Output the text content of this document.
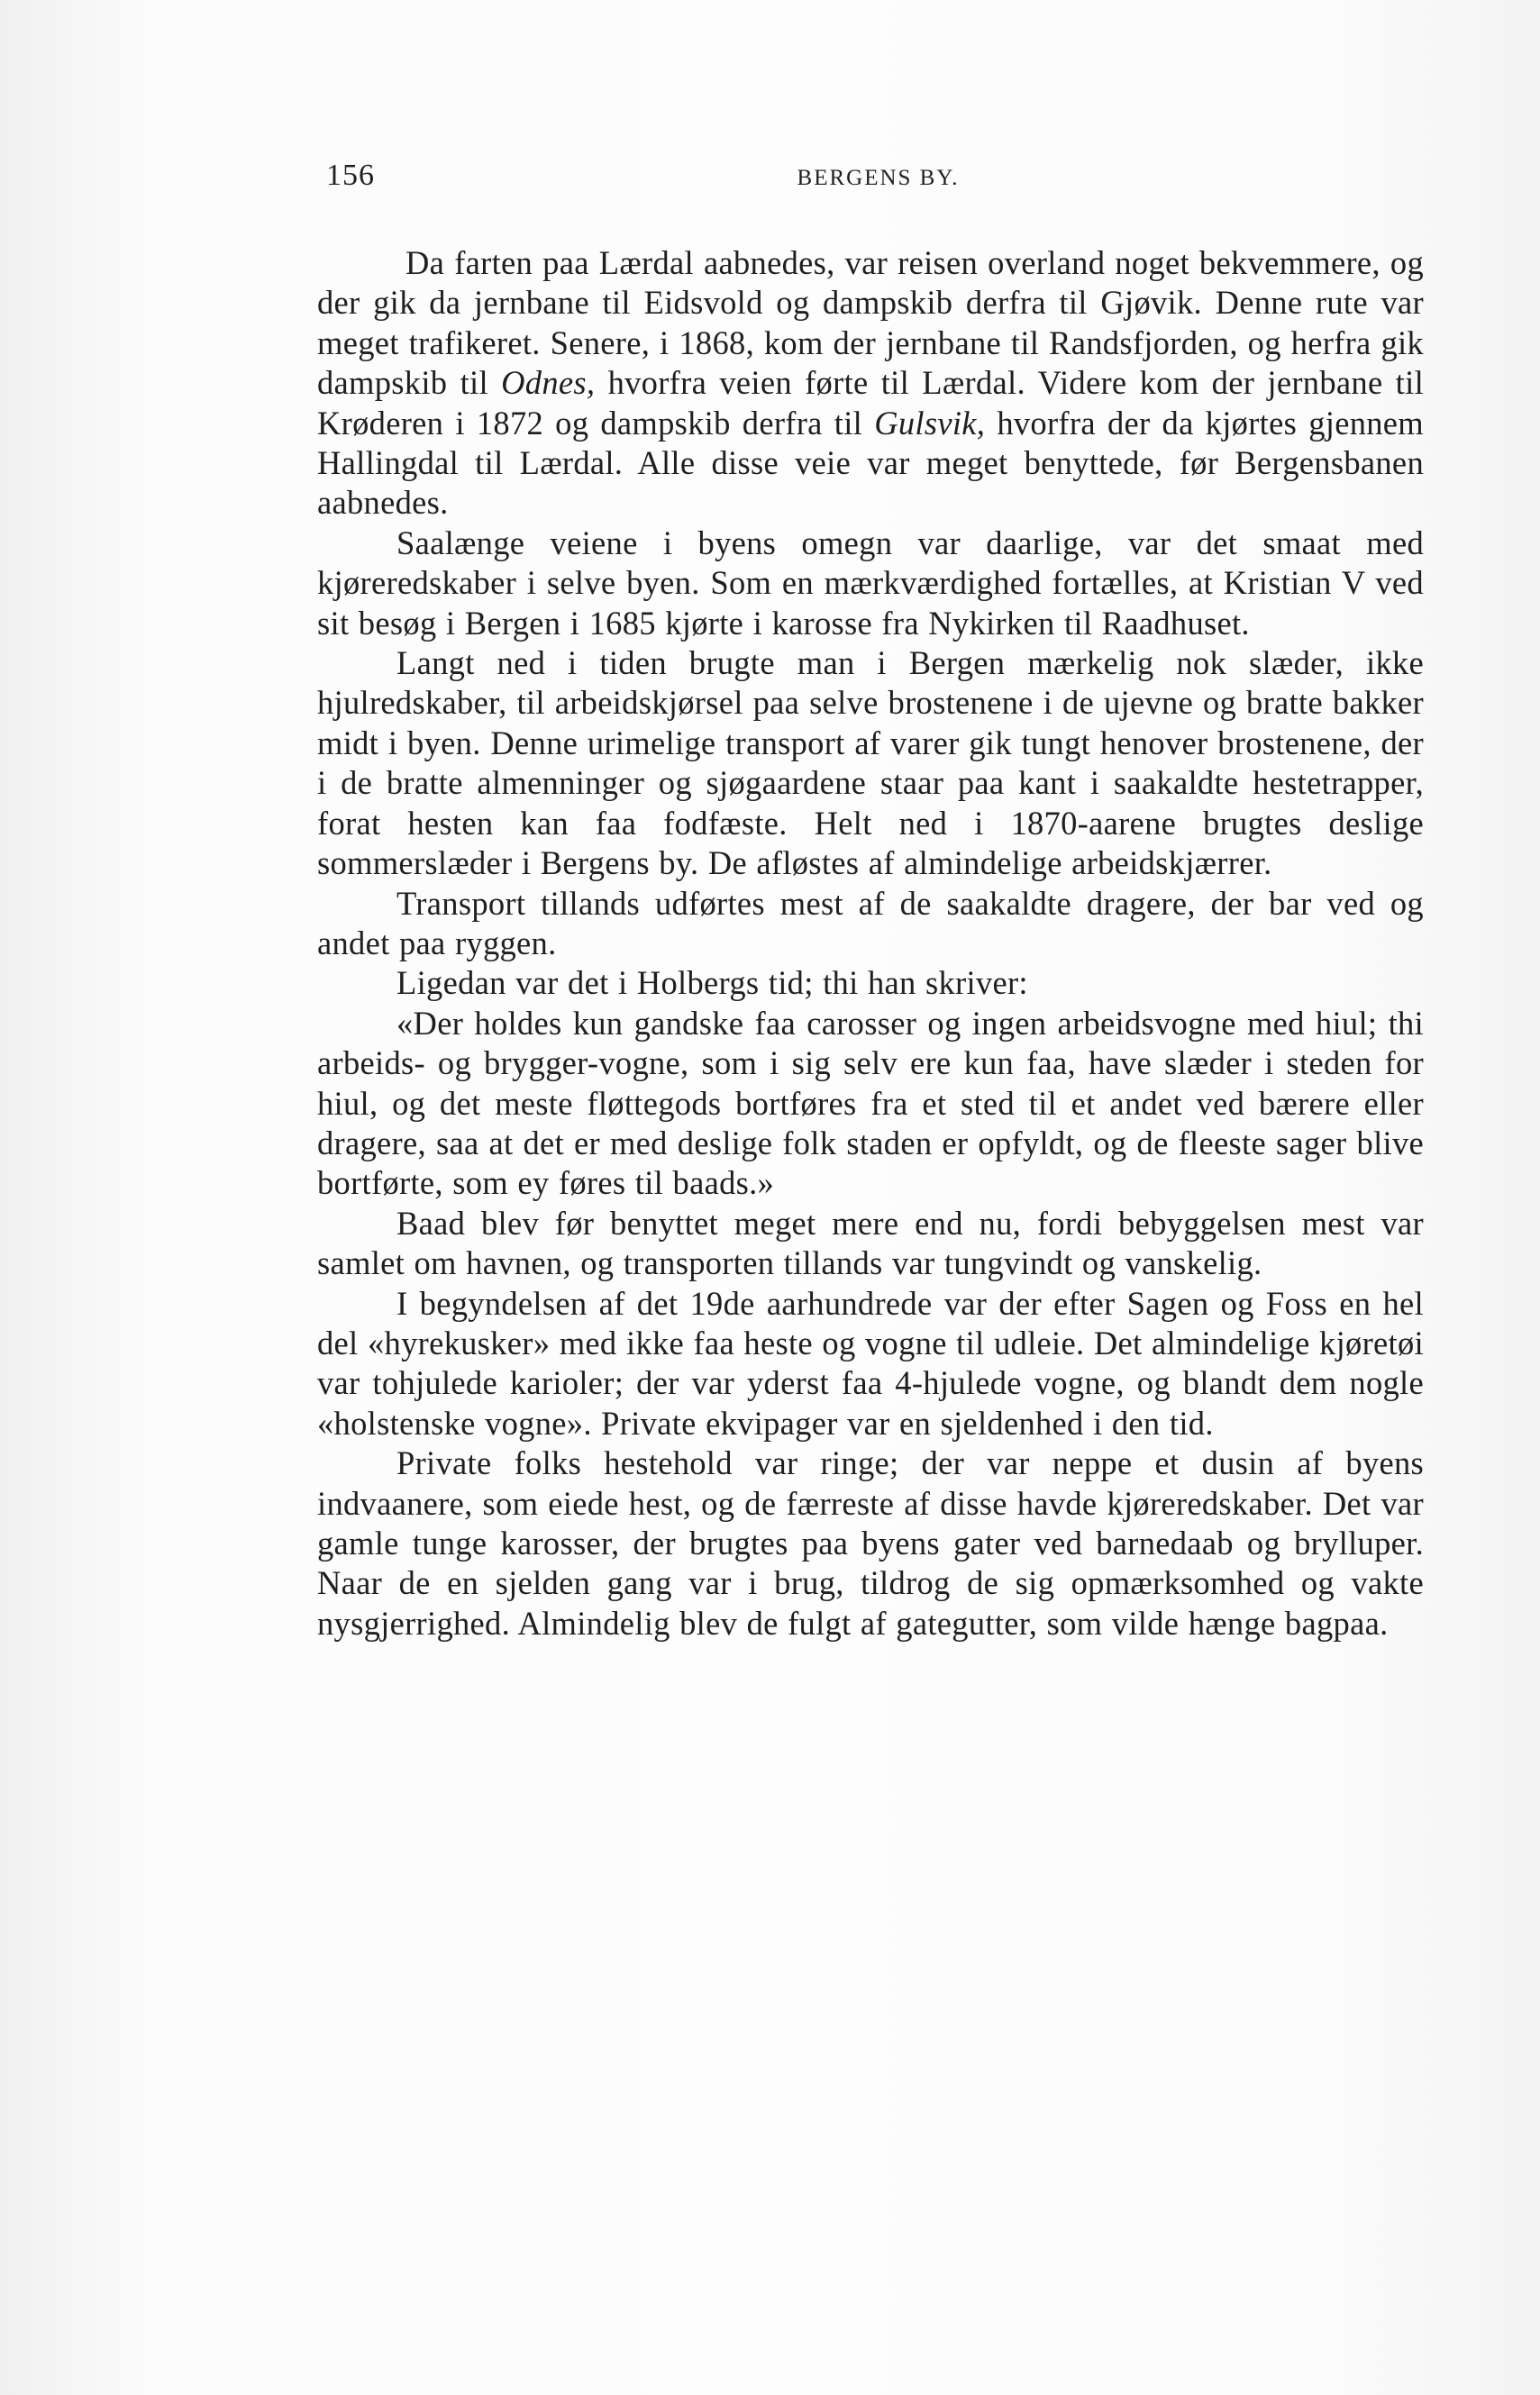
156	BERGENS BY.

Da farten paa Lærdal aabnedes, var reisen overland noget bekvemmere, og der gik da jernbane til Eidsvold og dampskib derfra til Gjøvik. Denne rute var meget trafikeret. Senere, i 1868, kom der jernbane til Randsfjorden, og herfra gik dampskib til Odnes, hvorfra veien førte til Lærdal. Videre kom der jernbane til Krøderen i 1872 og dampskib derfra til Gulsvik, hvorfra der da kjørtes gjennem Hallingdal til Lærdal. Alle disse veie var meget benyttede, før Bergensbanen aabnedes.

Saalænge veiene i byens omegn var daarlige, var det smaat med kjøreredskaber i selve byen. Som en mærkværdighed fortælles, at Kristian V ved sit besøg i Bergen i 1685 kjørte i karosse fra Nykirken til Raadhuset.

Langt ned i tiden brugte man i Bergen mærkelig nok slæder, ikke hjulredskaber, til arbeidskjørsel paa selve brostenene i de ujevne og bratte bakker midt i byen. Denne urimelige transport af varer gik tungt henover brostenene, der i de bratte almenninger og sjøgaardene staar paa kant i saakaldte hestetrapper, forat hesten kan faa fodfæste. Helt ned i 1870-aarene brugtes deslige sommerslæder i Bergens by. De afløstes af almindelige arbeidskjærrer.

Transport tillands udførtes mest af de saakaldte dragere, der bar ved og andet paa ryggen.

Ligedan var det i Holbergs tid; thi han skriver:

«Der holdes kun gandske faa carosser og ingen arbeidsvogne med hiul; thi arbeids- og brygger-vogne, som i sig selv ere kun faa, have slæder i steden for hiul, og det meste fløttegods bortføres fra et sted til et andet ved bærere eller dragere, saa at det er med deslige folk staden er opfyldt, og de fleeste sager blive bortførte, som ey føres til baads.»

Baad blev før benyttet meget mere end nu, fordi bebyggelsen mest var samlet om havnen, og transporten tillands var tungvindt og vanskelig.

I begyndelsen af det 19de aarhundrede var der efter Sagen og Foss en hel del «hyrekusker» med ikke faa heste og vogne til udleie. Det almindelige kjøretøi var tohjulede karioler; der var yderst faa 4-hjulede vogne, og blandt dem nogle «holstenske vogne». Private ekvipager var en sjeldenhed i den tid.

Private folks hestehold var ringe; der var neppe et dusin af byens indvaanere, som eiede hest, og de færreste af disse havde kjøreredskaber. Det var gamle tunge karosser, der brugtes paa byens gater ved barnedaab og brylluper. Naar de en sjelden gang var i brug, tildrog de sig opmærksomhed og vakte nysgjerrighed. Almindelig blev de fulgt af gategutter, som vilde hænge bagpaa.
